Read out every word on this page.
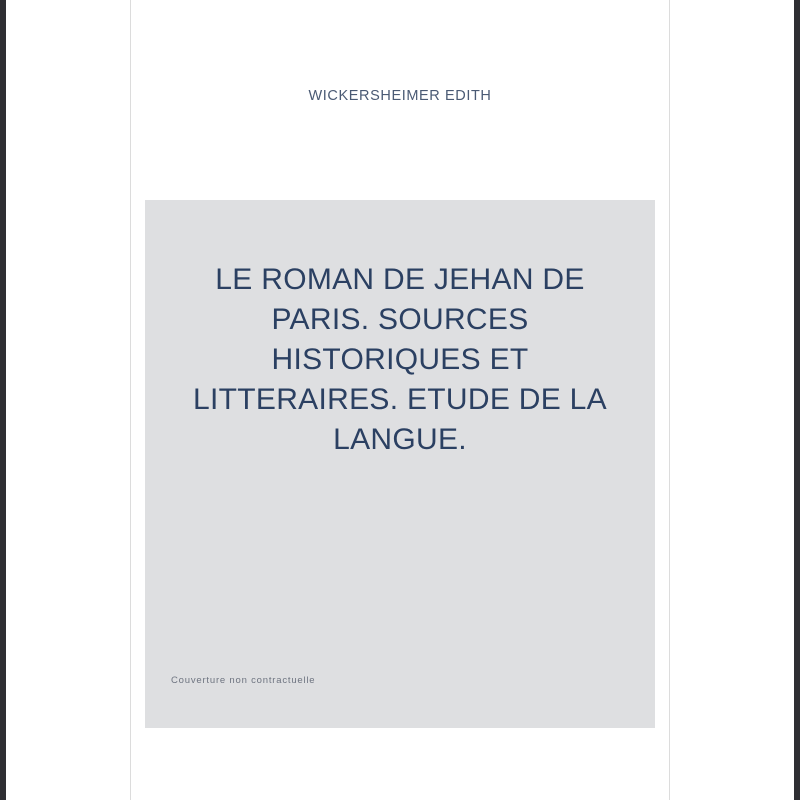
WICKERSHEIMER EDITH
LE ROMAN DE JEHAN DE PARIS. SOURCES HISTORIQUES ET LITTERAIRES. ETUDE DE LA LANGUE.
Couverture non contractuelle
